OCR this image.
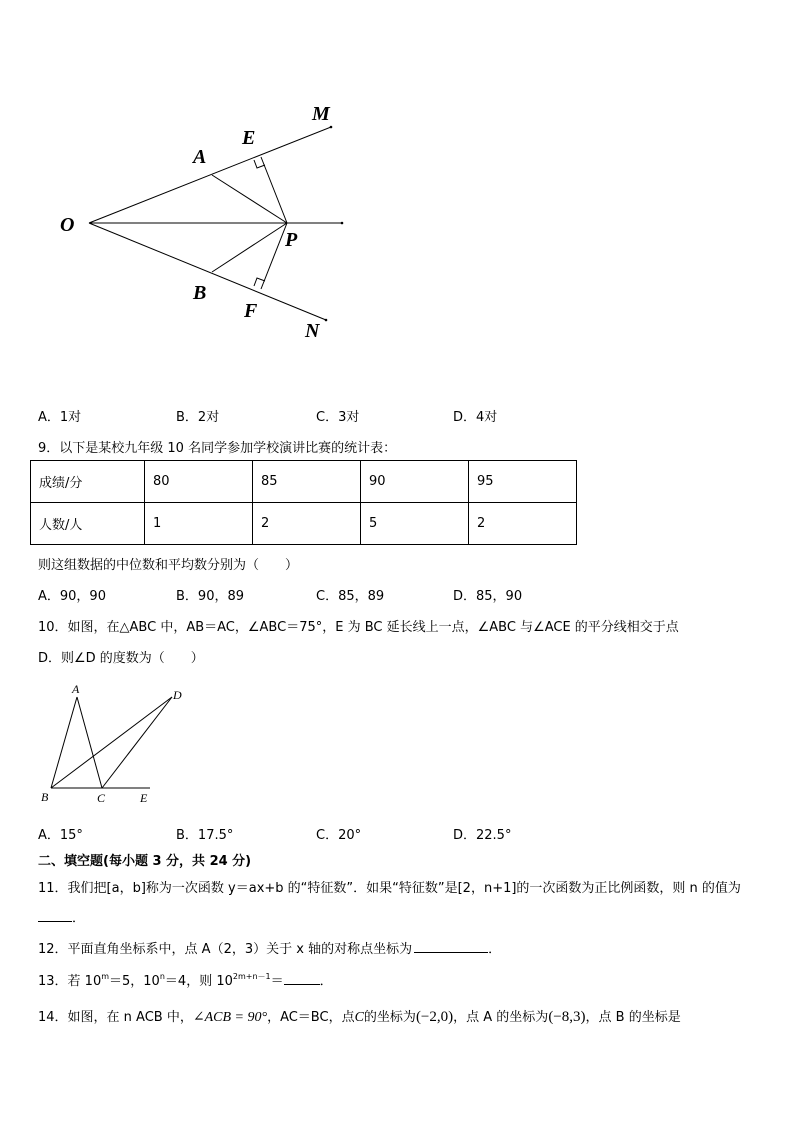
O
A
E
M
P
B
F
N
A．1对	B．2对	C．3对	D．4对
9．以下是某校九年级 10 名同学参加学校演讲比赛的统计表：
成绩/分	80	85	90	95
人数/人	1	2	5	2
则这组数据的中位数和平均数分别为（　　）
A．90，90	B．90，89	C．85，89	D．85，90
10．如图，在△ABC 中，AB＝AC，∠ABC＝75°，E 为 BC 延长线上一点，∠ABC 与∠ACE 的平分线相交于点
D．则∠D 的度数为（　　）
A	D
B	C	E
A．15°	B．17.5°	C．20°	D．22.5°
二、填空题(每小题 3 分，共 24 分)
11．我们把[a，b]称为一次函数 y＝ax+b 的“特征数”．如果“特征数”是[2，n+1]的一次函数为正比例函数，则 n 的值为
．
12．平面直角坐标系中，点 A（2，3）关于 x 轴的对称点坐标为	．
13．若 $10^m=5$，$10^n=4$，则 $10^{2m+n-1}=$	．
14．如图，在 n ACB 中，∠ACB = 90°，AC＝BC，点C的坐标为(−2,0)，点 A 的坐标为(−8,3)，点 B 的坐标是
